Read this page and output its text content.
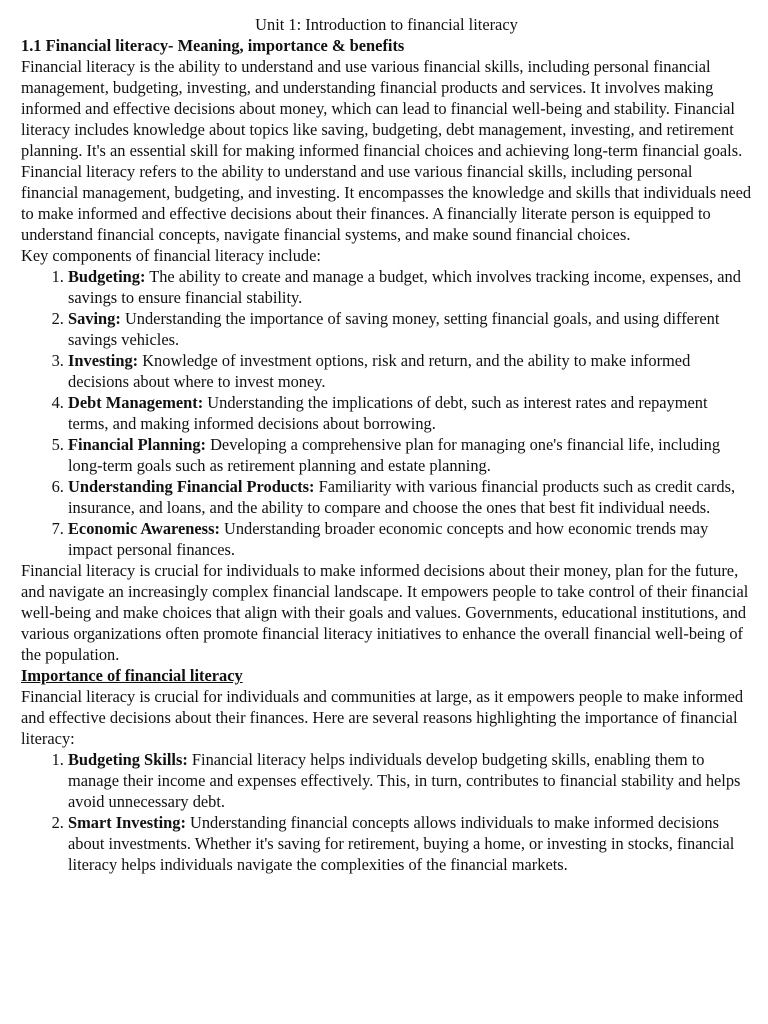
Unit 1: Introduction to financial literacy

1.1 Financial literacy- Meaning, importance & benefits

Financial literacy is the ability to understand and use various financial skills, including personal financial management, budgeting, investing, and understanding financial products and services. It involves making informed and effective decisions about money, which can lead to financial well-being and stability. Financial literacy includes knowledge about topics like saving, budgeting, debt management, investing, and retirement planning. It's an essential skill for making informed financial choices and achieving long-term financial goals.

Financial literacy refers to the ability to understand and use various financial skills, including personal financial management, budgeting, and investing. It encompasses the knowledge and skills that individuals need to make informed and effective decisions about their finances. A financially literate person is equipped to understand financial concepts, navigate financial systems, and make sound financial choices.

Key components of financial literacy include:

1. Budgeting: The ability to create and manage a budget, which involves tracking income, expenses, and savings to ensure financial stability.
2. Saving: Understanding the importance of saving money, setting financial goals, and using different savings vehicles.
3. Investing: Knowledge of investment options, risk and return, and the ability to make informed decisions about where to invest money.
4. Debt Management: Understanding the implications of debt, such as interest rates and repayment terms, and making informed decisions about borrowing.
5. Financial Planning: Developing a comprehensive plan for managing one's financial life, including long-term goals such as retirement planning and estate planning.
6. Understanding Financial Products: Familiarity with various financial products such as credit cards, insurance, and loans, and the ability to compare and choose the ones that best fit individual needs.
7. Economic Awareness: Understanding broader economic concepts and how economic trends may impact personal finances.

Financial literacy is crucial for individuals to make informed decisions about their money, plan for the future, and navigate an increasingly complex financial landscape. It empowers people to take control of their financial well-being and make choices that align with their goals and values. Governments, educational institutions, and various organizations often promote financial literacy initiatives to enhance the overall financial well-being of the population.

Importance of financial literacy

Financial literacy is crucial for individuals and communities at large, as it empowers people to make informed and effective decisions about their finances. Here are several reasons highlighting the importance of financial literacy:

1. Budgeting Skills: Financial literacy helps individuals develop budgeting skills, enabling them to manage their income and expenses effectively. This, in turn, contributes to financial stability and helps avoid unnecessary debt.
2. Smart Investing: Understanding financial concepts allows individuals to make informed decisions about investments. Whether it's saving for retirement, buying a home, or investing in stocks, financial literacy helps individuals navigate the complexities of the financial markets.
